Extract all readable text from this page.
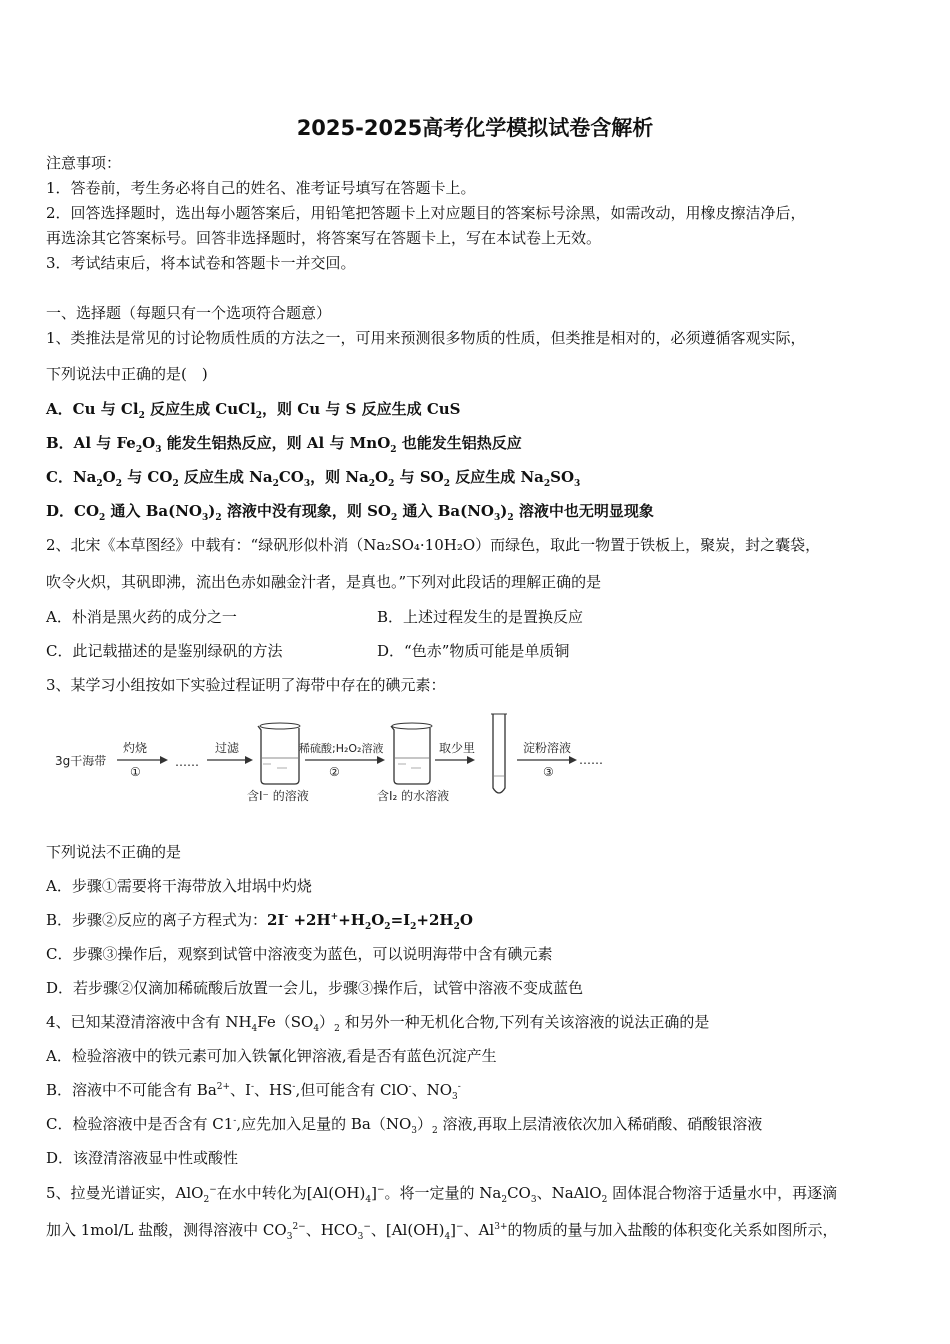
2025-2025高考化学模拟试卷含解析
注意事项：
1．答卷前，考生务必将自己的姓名、准考证号填写在答题卡上。
2．回答选择题时，选出每小题答案后，用铅笔把答题卡上对应题目的答案标号涂黑，如需改动，用橡皮擦洁净后，
再选涂其它答案标号。回答非选择题时，将答案写在答题卡上，写在本试卷上无效。
3．考试结束后，将本试卷和答题卡一并交回。
一、选择题（每题只有一个选项符合题意）
1、类推法是常见的讨论物质性质的方法之一，可用来预测很多物质的性质，但类推是相对的，必须遵循客观实际，
下列说法中正确的是(　)
A．Cu 与 $Cl_2$ 反应生成 CuCl$_2$，则 Cu 与 S 反应生成 CuS
B．Al 与 $Fe_2O_3$ 能发生铝热反应，则 Al 与 MnO$_2$ 也能发生铝热反应
C．$Na_2O_2$ 与 $CO_2$ 反应生成 $Na_2CO_3$，则 $Na_2O_2$ 与 $SO_2$ 反应生成 $Na_2SO_3$
D．$CO_2$ 通入 $Ba(NO_3)_2$ 溶液中没有现象，则 $SO_2$ 通入 $Ba(NO_3)_2$ 溶液中也无明显现象
2、北宋《本草图经》中载有：“绿矾形似朴消（Na₂SO₄·10H₂O）而绿色，取此一物置于铁板上，聚炭，封之囊袋，
吹令火炽，其矾即沸，流出色赤如融金汁者，是真也。”下列对此段话的理解正确的是
A．朴消是黑火药的成分之一	B．上述过程发生的是置换反应
C．此记载描述的是鉴别绿矾的方法	D．“色赤”物质可能是单质铜
3、某学习小组按如下实验过程证明了海带中存在的碘元素：
3g干海带
灼烧
①
……
过滤
含I⁻ 的溶液
稀硫酸;H₂O₂溶液
②
含I₂ 的水溶液
取少里	淀粉溶液
③
……
下列说法不正确的是
A．步骤①需要将干海带放入坩埚中灼烧
B．步骤②反应的离子方程式为：$2I^- +2H^++H_2O_2=I_2+2H_2O$
C．步骤③操作后，观察到试管中溶液变为蓝色，可以说明海带中含有碘元素
D．若步骤②仅滴加稀硫酸后放置一会儿，步骤③操作后，试管中溶液不变成蓝色
4、已知某澄清溶液中含有 $NH_4Fe(SO_4)_2$ 和另外一种无机化合物,下列有关该溶液的说法正确的是
A．检验溶液中的铁元素可加入铁氰化钾溶液,看是否有蓝色沉淀产生
B．溶液中不可能含有 $Ba^{2+}$、I-、HS-,但可能含有 ClO-、$NO_3^-$
C．检验溶液中是否含有 C1-,应先加入足量的 $Ba(NO_3)_2$ 溶液,再取上层清液依次加入稀硝酸、硝酸银溶液
D．该澄清溶液显中性或酸性
5、拉曼光谱证实，AlO$_2$−在水中转化为$[Al(OH)_4]^-$。将一定量的 $Na_2CO_3$、NaAlO$_2$ 固体混合物溶于适量水中，再逐滴
加入 1mol/L 盐酸，测得溶液中 $CO_3^{2-}$、$HCO_3^-$、$[Al(OH)_4]^-$、$Al^{3+}$的物质的量与加入盐酸的体积变化关系如图所示，
